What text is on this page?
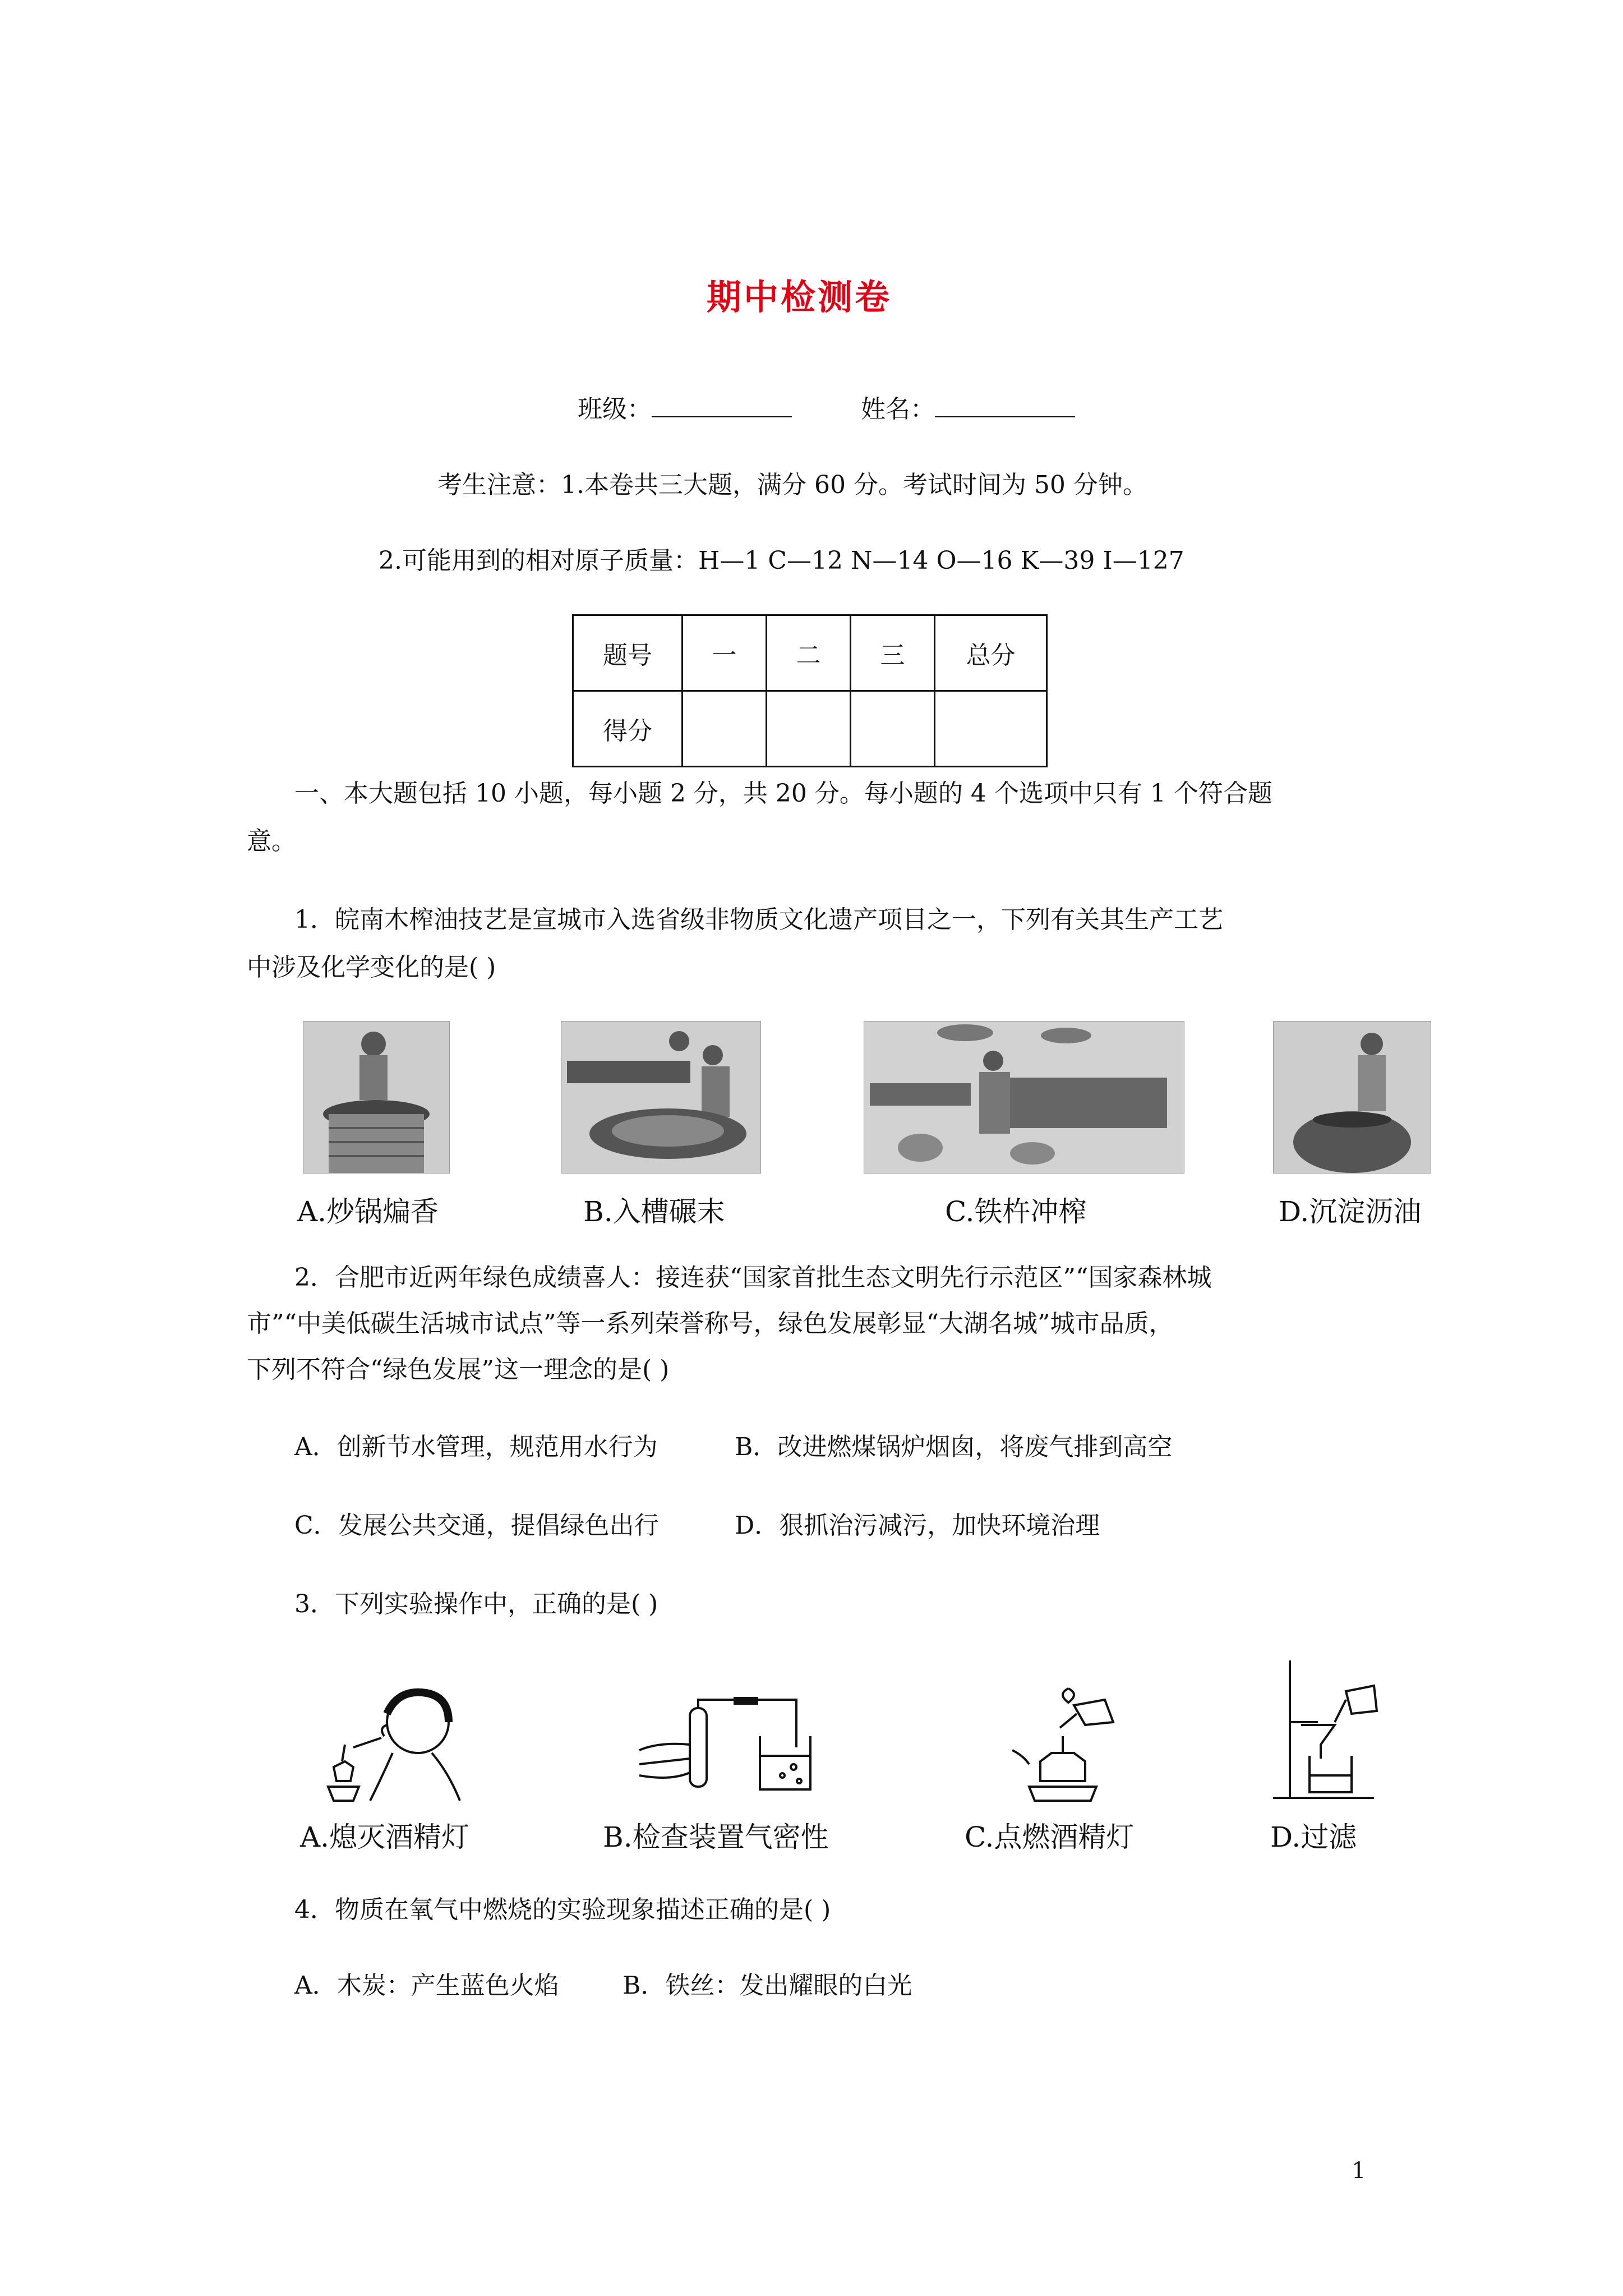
期中检测卷
班级：	姓名：
考生注意：1.本卷共三大题，满分 60 分。考试时间为 50 分钟。
2.可能用到的相对原子质量：H—1 C—12 N—14 O—16 K—39 I—127
题号	一	二	三	总分
得分				
一、本大题包括 10 小题，每小题 2 分，共 20 分。每小题的 4 个选项中只有 1 个符合题
意。
1．皖南木榨油技艺是宣城市入选省级非物质文化遗产项目之一，下列有关其生产工艺
中涉及化学变化的是( )
A.炒锅煸香	B.入槽碾末	C.铁杵冲榨	D.沉淀沥油
2．合肥市近两年绿色成绩喜人：接连获“国家首批生态文明先行示范区”“国家森林城
市”“中美低碳生活城市试点”等一系列荣誉称号，绿色发展彰显“大湖名城”城市品质，
下列不符合“绿色发展”这一理念的是( )
A．创新节水管理，规范用水行为	B．改进燃煤锅炉烟囱，将废气排到高空
C．发展公共交通，提倡绿色出行	D．狠抓治污减污，加快环境治理
3．下列实验操作中，正确的是( )
A.熄灭酒精灯	B.检查装置气密性	C.点燃酒精灯	D.过滤
4．物质在氧气中燃烧的实验现象描述正确的是( )
A．木炭：产生蓝色火焰	B．铁丝：发出耀眼的白光
1
